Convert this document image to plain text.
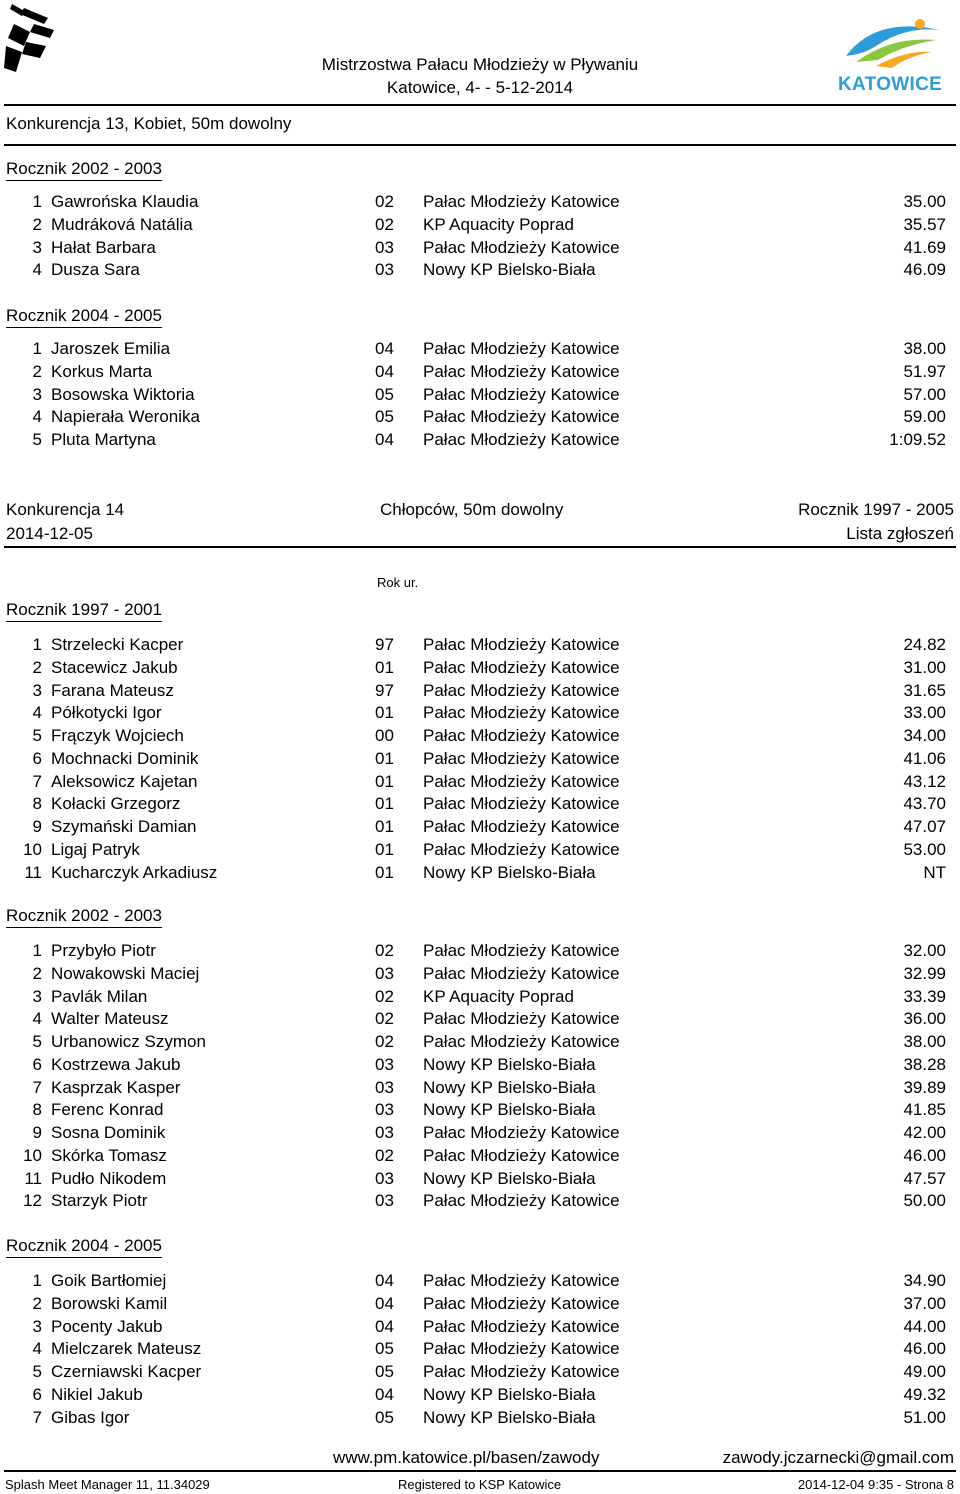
KATOWICE
Mistrzostwa Pałacu Młodzieży w Pływaniu
Katowice, 4- - 5-12-2014
Konkurencja 13, Kobiet, 50m dowolny
Rocznik 2002 - 2003
1 Gawrońska Klaudia	02 Pałac Młodzieży Katowice	35.00
2 Mudráková Natália	02 KP Aquacity Poprad	35.57
3 Hałat Barbara	03 Pałac Młodzieży Katowice	41.69
4 Dusza Sara	03 Nowy KP Bielsko-Biała	46.09
Rocznik 2004 - 2005
1 Jaroszek Emilia	04 Pałac Młodzieży Katowice	38.00
2 Korkus Marta	04 Pałac Młodzieży Katowice	51.97
3 Bosowska Wiktoria	05 Pałac Młodzieży Katowice	57.00
4 Napierała Weronika	05 Pałac Młodzieży Katowice	59.00
5 Pluta Martyna	04 Pałac Młodzieży Katowice	1:09.52
Konkurencja 14	Chłopców, 50m dowolny	Rocznik 1997 - 2005
2014-12-05	Lista zgłoszeń
Rok ur.
Rocznik 1997 - 2001
1 Strzelecki Kacper	97 Pałac Młodzieży Katowice	24.82
2 Stacewicz Jakub	01 Pałac Młodzieży Katowice	31.00
3 Farana Mateusz	97 Pałac Młodzieży Katowice	31.65
4 Półkotycki Igor	01 Pałac Młodzieży Katowice	33.00
5 Frączyk Wojciech	00 Pałac Młodzieży Katowice	34.00
6 Mochnacki Dominik	01 Pałac Młodzieży Katowice	41.06
7 Aleksowicz Kajetan	01 Pałac Młodzieży Katowice	43.12
8 Kołacki Grzegorz	01 Pałac Młodzieży Katowice	43.70
9 Szymański Damian	01 Pałac Młodzieży Katowice	47.07
10 Ligaj Patryk	01 Pałac Młodzieży Katowice	53.00
11 Kucharczyk Arkadiusz	01 Nowy KP Bielsko-Biała	NT
Rocznik 2002 - 2003
1 Przybyło Piotr	02 Pałac Młodzieży Katowice	32.00
2 Nowakowski Maciej	03 Pałac Młodzieży Katowice	32.99
3 Pavlák Milan	02 KP Aquacity Poprad	33.39
4 Walter Mateusz	02 Pałac Młodzieży Katowice	36.00
5 Urbanowicz Szymon	02 Pałac Młodzieży Katowice	38.00
6 Kostrzewa Jakub	03 Nowy KP Bielsko-Biała	38.28
7 Kasprzak Kasper	03 Nowy KP Bielsko-Biała	39.89
8 Ferenc Konrad	03 Nowy KP Bielsko-Biała	41.85
9 Sosna Dominik	03 Pałac Młodzieży Katowice	42.00
10 Skórka Tomasz	02 Pałac Młodzieży Katowice	46.00
11 Pudło Nikodem	03 Nowy KP Bielsko-Biała	47.57
12 Starzyk Piotr	03 Pałac Młodzieży Katowice	50.00
Rocznik 2004 - 2005
1 Goik Bartłomiej	04 Pałac Młodzieży Katowice	34.90
2 Borowski Kamil	04 Pałac Młodzieży Katowice	37.00
3 Pocenty Jakub	04 Pałac Młodzieży Katowice	44.00
4 Mielczarek Mateusz	05 Pałac Młodzieży Katowice	46.00
5 Czerniawski Kacper	05 Pałac Młodzieży Katowice	49.00
6 Nikiel Jakub	04 Nowy KP Bielsko-Biała	49.32
7 Gibas Igor	05 Nowy KP Bielsko-Biała	51.00
www.pm.katowice.pl/basen/zawody	zawody.jczarnecki@gmail.com
Splash Meet Manager 11, 11.34029	Registered to KSP Katowice	2014-12-04 9:35 - Strona 8
